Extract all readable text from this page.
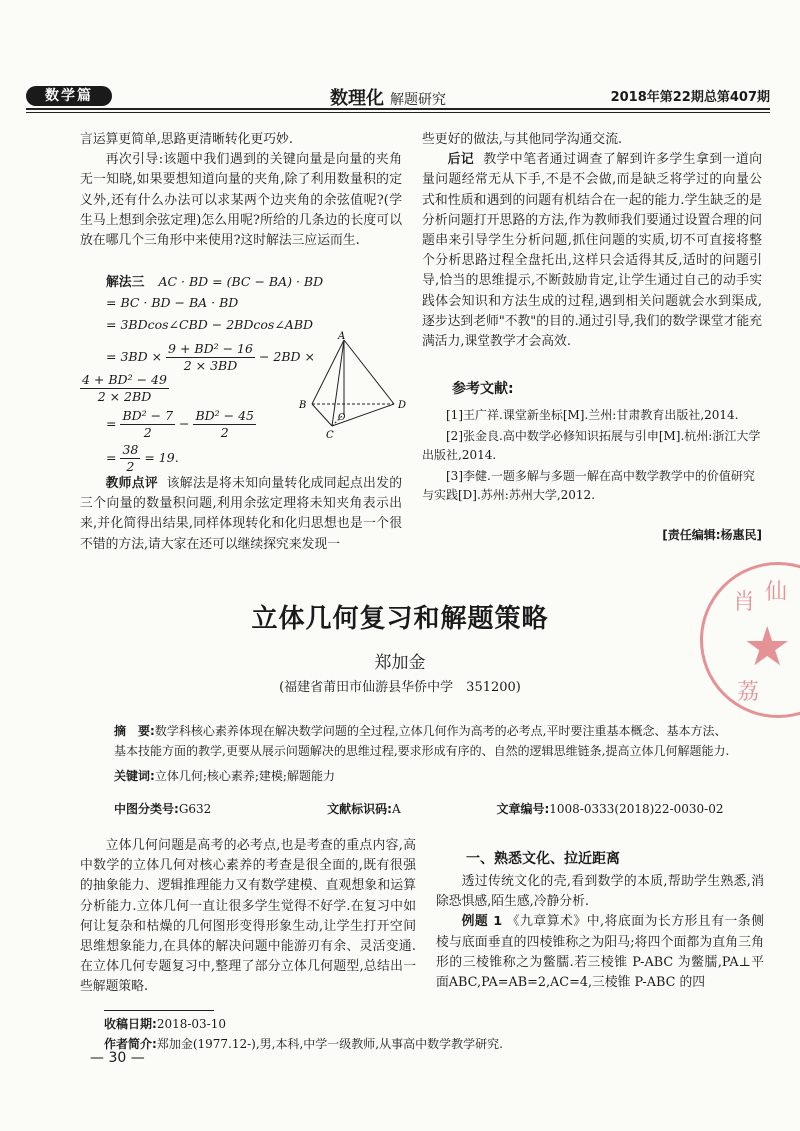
数学篇	数理化 解题研究	2018年第22期总第407期

言运算更简单,思路更清晰转化更巧妙.

再次引导:该题中我们遇到的关键向量是向量的夹角无一知晓,如果要想知道向量的夹角,除了利用数量积的定义外,还有什么办法可以求某两个边夹角的余弦值呢?(学生马上想到余弦定理)怎么用呢?所给的几条边的长度可以放在哪几个三角形中来使用?这时解法三应运而生.

解法三 AC · BD = (BC − BA) · BD
= BC · BD − BA · BD
= 3BDcos∠CBD − 2BDcos∠ABD
= $3BD \times \frac{\text{9 + BD² − 16}}{2 \times 3BD} - 2BD$ ×
$\frac{\text{4 + BD² − 49}}{2 \times 2BD}$
= $\frac{\text{BD² − 7}}{2} - \frac{\text{BD² − 45}}{2}$
= $\frac{38}{2} = 19$.
A
B	D
O
C

教师点评 该解法是将未知向量转化成同起点出发的三个向量的数量积问题,利用余弦定理将未知夹角表示出来,并化简得出结果,同样体现转化和化归思想也是一个很不错的方法,请大家在还可以继续探究来发现一

些更好的做法,与其他同学沟通交流.

后记 教学中笔者通过调查了解到许多学生拿到一道向量问题经常无从下手,不是不会做,而是缺乏将学过的向量公式和性质和遇到的问题有机结合在一起的能力.学生缺乏的是分析问题打开思路的方法,作为教师我们要通过设置合理的问题串来引导学生分析问题,抓住问题的实质,切不可直接将整个分析思路过程全盘托出,这样只会适得其反,适时的问题引导,恰当的思维提示,不断鼓励肯定,让学生通过自己的动手实践体会知识和方法生成的过程,遇到相关问题就会水到渠成,逐步达到老师"不教"的目的.通过引导,我们的数学课堂才能充满活力,课堂教学才会高效.

参考文献:

[1]王广祥.课堂新坐标[M].兰州:甘肃教育出版社,2014.

[2]张金良.高中数学必修知识拓展与引申[M].杭州:浙江大学出版社,2014.

[3]李健.一题多解与多题一解在高中数学教学中的价值研究与实践[D].苏州:苏州大学,2012.

[责任编辑:杨惠民]
肖 仙
★
荔
立体几何复习和解题策略
郑加金
(福建省莆田市仙游县华侨中学　351200)

摘　要:数学科核心素养体现在解决数学问题的全过程,立体几何作为高考的必考点,平时要注重基本概念、基本方法、基本技能方面的教学,更要从展示问题解决的思维过程,要求形成有序的、自然的逻辑思维链条,提高立体几何解题能力.

关键词:立体几何;核心素养;建模;解题能力

中图分类号:G632	文献标识码:A	文章编号:1008-0333(2018)22-0030-02

立体几何问题是高考的必考点,也是考查的重点内容,高中数学的立体几何对核心素养的考查是很全面的,既有很强的抽象能力、逻辑推理能力又有数学建模、直观想象和运算分析能力.立体几何一直让很多学生觉得不好学.在复习中如何让复杂和枯燥的几何图形变得形象生动,让学生打开空间思维想象能力,在具体的解决问题中能游刃有余、灵活变通.在立体几何专题复习中,整理了部分立体几何题型,总结出一些解题策略.

一、熟悉文化、拉近距离

透过传统文化的壳,看到数学的本质,帮助学生熟悉,消除恐惧感,陌生感,冷静分析.

例题 1 《九章算术》中,将底面为长方形且有一条侧棱与底面垂直的四棱锥称之为阳马;将四个面都为直角三角形的三棱锥称之为鳖臑.若三棱锥 P-ABC 为鳖臑,PA⊥平面ABC,PA=AB=2,AC=4,三棱锥 P-ABC 的四

收稿日期:2018-03-10
作者简介:郑加金(1977.12-),男,本科,中学一级教师,从事高中数学教学研究.
— 30 —
